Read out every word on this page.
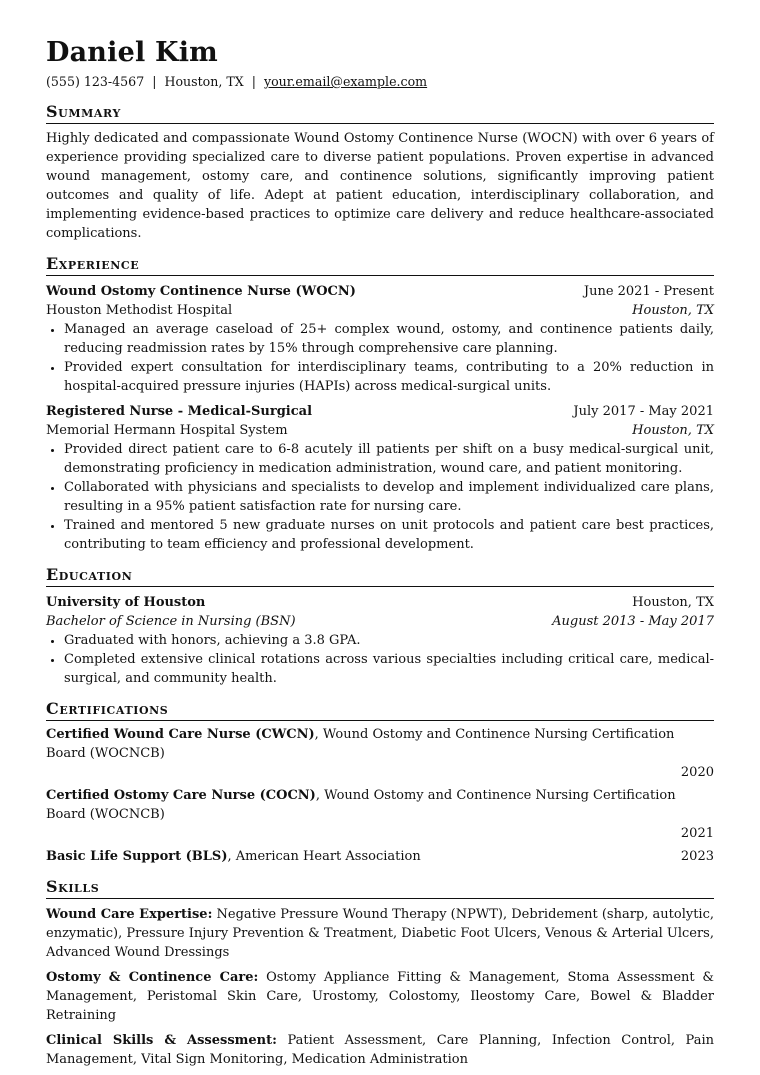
Daniel Kim
(555) 123-4567 | Houston, TX | your.email@example.com
Summary
Highly dedicated and compassionate Wound Ostomy Continence Nurse (WOCN) with over 6 years of experience providing specialized care to diverse patient populations. Proven expertise in advanced wound management, ostomy care, and continence solutions, significantly improving patient outcomes and quality of life. Adept at patient education, interdisciplinary collaboration, and implementing evidence-based practices to optimize care delivery and reduce healthcare-associated complications.
Experience
Wound Ostomy Continence Nurse (WOCN)	June 2021 - Present
Houston Methodist Hospital	Houston, TX
• Managed an average caseload of 25+ complex wound, ostomy, and continence patients daily, reducing readmission rates by 15% through comprehensive care planning.
• Provided expert consultation for interdisciplinary teams, contributing to a 20% reduction in hospital-acquired pressure injuries (HAPIs) across medical-surgical units.
Registered Nurse - Medical-Surgical	July 2017 - May 2021
Memorial Hermann Hospital System	Houston, TX
• Provided direct patient care to 6-8 acutely ill patients per shift on a busy medical-surgical unit, demonstrating proficiency in medication administration, wound care, and patient monitoring.
• Collaborated with physicians and specialists to develop and implement individualized care plans, resulting in a 95% patient satisfaction rate for nursing care.
• Trained and mentored 5 new graduate nurses on unit protocols and patient care best practices, contributing to team efficiency and professional development.
Education
University of Houston	Houston, TX
Bachelor of Science in Nursing (BSN)	August 2013 - May 2017
• Graduated with honors, achieving a 3.8 GPA.
• Completed extensive clinical rotations across various specialties including critical care, medical-surgical, and community health.
Certifications
Certified Wound Care Nurse (CWCN), Wound Ostomy and Continence Nursing Certification Board (WOCNCB)
2020
Certified Ostomy Care Nurse (COCN), Wound Ostomy and Continence Nursing Certification Board (WOCNCB)
2021
Basic Life Support (BLS), American Heart Association	2023
Skills
Wound Care Expertise: Negative Pressure Wound Therapy (NPWT), Debridement (sharp, autolytic, enzymatic), Pressure Injury Prevention & Treatment, Diabetic Foot Ulcers, Venous & Arterial Ulcers, Advanced Wound Dressings
Ostomy & Continence Care: Ostomy Appliance Fitting & Management, Stoma Assessment & Management, Peristomal Skin Care, Urostomy, Colostomy, Ileostomy Care, Bowel & Bladder Retraining
Clinical Skills & Assessment: Patient Assessment, Care Planning, Infection Control, Pain Management, Vital Sign Monitoring, Medication Administration
